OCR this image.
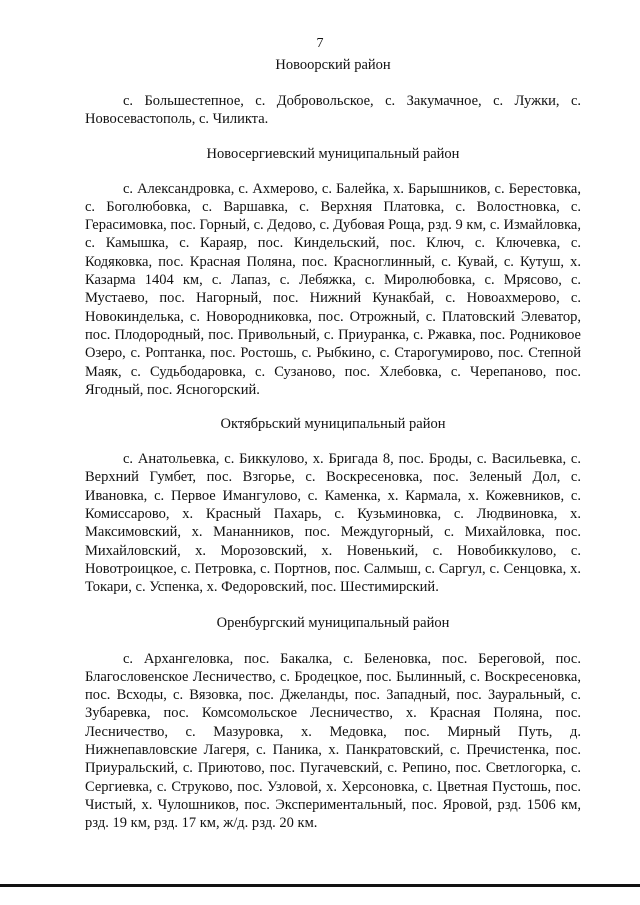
7

Новоорский район

с. Большестепное, с. Добровольское, с. Закумачное, с. Лужки, с. Новосевастополь, с. Чиликта.

Новосергиевский муниципальный район

с. Александровка, с. Ахмерово, с. Балейка, х. Барышников, с. Берестовка, с. Боголюбовка, с. Варшавка, с. Верхняя Платовка, с. Волостновка, с. Герасимовка, пос. Горный, с. Дедово, с. Дубовая Роща, рзд. 9 км, с. Измайловка, с. Камышка, с. Караяр, пос. Киндельский, пос. Ключ, с. Ключевка, с. Кодяковка, пос. Красная Поляна, пос. Красноглинный, с. Кувай, с. Кутуш, х. Казарма 1404 км, с. Лапаз, с. Лебяжка, с. Миролюбовка, с. Мрясово, с. Мустаево, пос. Нагорный, пос. Нижний Кунакбай, с. Новоахмерово, с. Новокинделька, с. Новородниковка, пос. Отрожный, с. Платовский Элеватор, пос. Плодородный, пос. Привольный, с. Приуранка, с. Ржавка, пос. Родниковое Озеро, с. Роптанка, пос. Ростошь, с. Рыбкино, с. Старогумирово, пос. Степной Маяк, с. Судьбодаровка, с. Сузаново, пос. Хлебовка, с. Черепаново, пос. Ягодный, пос. Ясногорский.

Октябрьский муниципальный район

с. Анатольевка, с. Биккулово, х. Бригада 8, пос. Броды, с. Васильевка, с. Верхний Гумбет, пос. Взгорье, с. Воскресеновка, пос. Зеленый Дол, с. Ивановка, с. Первое Имангулово, с. Каменка, х. Кармала, х. Кожевников, с. Комиссарово, х. Красный Пахарь, с. Кузьминовка, с. Людвиновка, х. Максимовский, х. Мананников, пос. Междугорный, с. Михайловка, пос. Михайловский, х. Морозовский, х. Новенький, с. Новобиккулово, с. Новотроицкое, с. Петровка, с. Портнов, пос. Салмыш, с. Саргул, с. Сенцовка, х. Токари, с. Успенка, х. Федоровский, пос. Шестимирский.

Оренбургский муниципальный район

с. Архангеловка, пос. Бакалка, с. Беленовка, пос. Береговой, пос. Благословенское Лесничество, с. Бродецкое, пос. Былинный, с. Воскресеновка, пос. Всходы, с. Вязовка, пос. Джеланды, пос. Западный, пос. Зауральный, с. Зубаревка, пос. Комсомольское Лесничество, х. Красная Поляна, пос. Лесничество, с. Мазуровка, х. Медовка, пос. Мирный Путь, д. Нижнепавловские Лагеря, с. Паника, х. Панкратовский, с. Пречистенка, пос. Приуральский, с. Приютово, пос. Пугачевский, с. Репино, пос. Светлогорка, с. Сергиевка, с. Струково, пос. Узловой, х. Херсоновка, с. Цветная Пустошь, пос. Чистый, х. Чулошников, пос. Экспериментальный, пос. Яровой, рзд. 1506 км, рзд. 19 км, рзд. 17 км, ж/д. рзд. 20 км.
